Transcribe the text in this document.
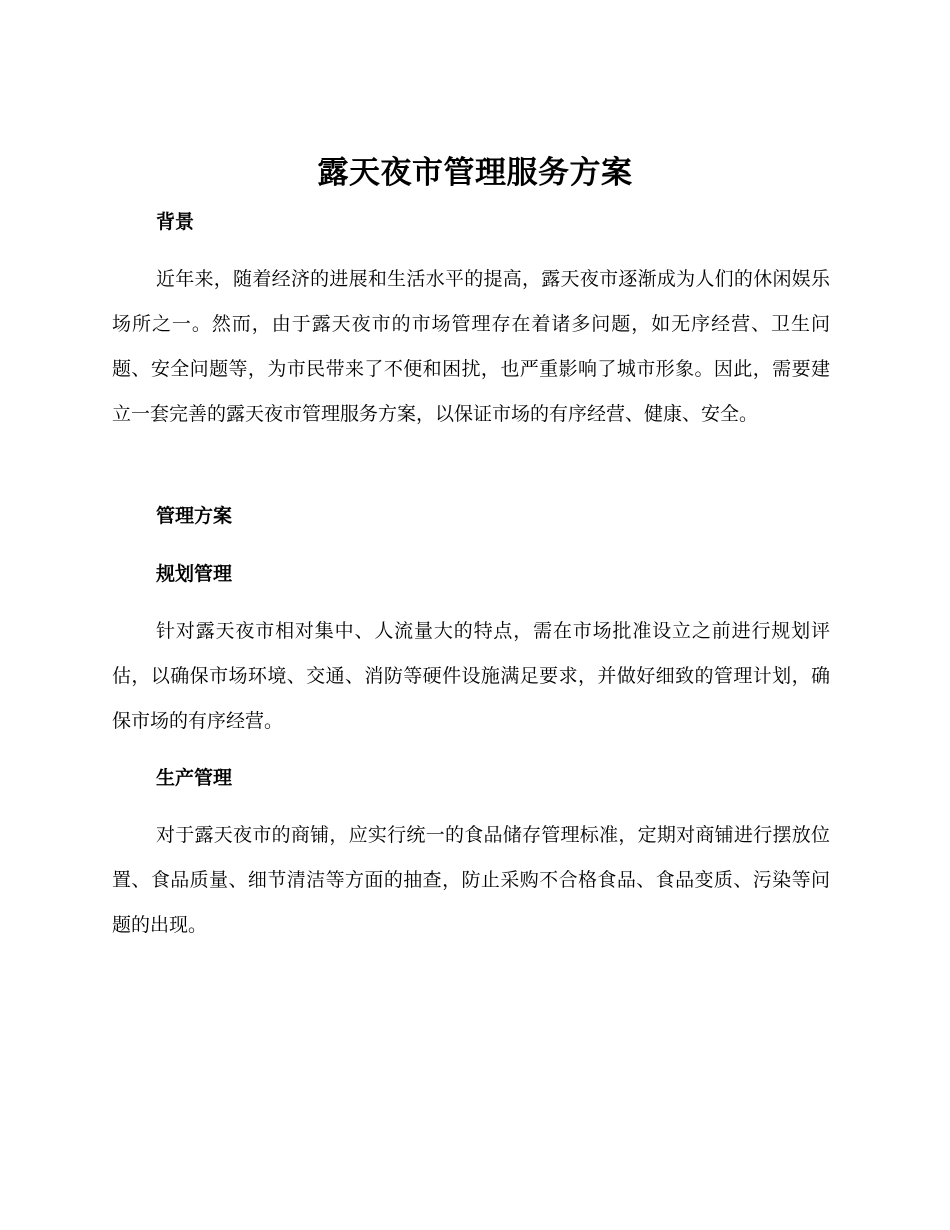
露天夜市管理服务方案
背景

近年来，随着经济的进展和生活水平的提高，露天夜市逐渐成为人们的休闲娱乐场所之一。然而，由于露天夜市的市场管理存在着诸多问题，如无序经营、卫生问题、安全问题等，为市民带来了不便和困扰，也严重影响了城市形象。因此，需要建立一套完善的露天夜市管理服务方案，以保证市场的有序经营、健康、安全。

管理方案
规划管理

针对露天夜市相对集中、人流量大的特点，需在市场批准设立之前进行规划评估，以确保市场环境、交通、消防等硬件设施满足要求，并做好细致的管理计划，确保市场的有序经营。

生产管理

对于露天夜市的商铺，应实行统一的食品储存管理标准，定期对商铺进行摆放位置、食品质量、细节清洁等方面的抽查，防止采购不合格食品、食品变质、污染等问题的出现。
